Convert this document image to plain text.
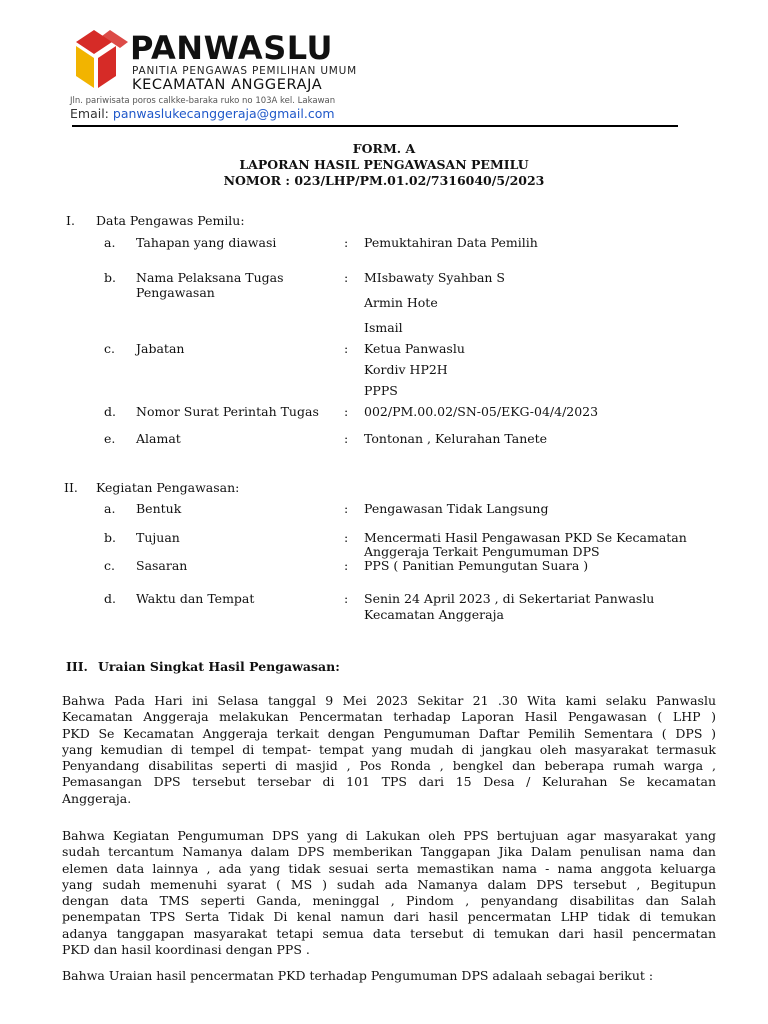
PANWASLU
PANITIA PENGAWAS PEMILIHAN UMUM
KECAMATAN ANGGERAJA
Jln. pariwisata poros calkke-baraka ruko no 103A kel. Lakawan
Email: panwaslukecanggeraja@gmail.com
FORM. A
LAPORAN HASIL PENGAWASAN PEMILU
NOMOR : 023/LHP/PM.01.02/7316040/5/2023
I. Data Pengawas Pemilu:
a. Tahapan yang diawasi	: Pemuktahiran Data Pemilih
b. Nama Pelaksana Tugas
Pengawasan
: MIsbawaty Syahban S
Armin Hote
Ismail
c. Jabatan	: Ketua Panwaslu
Kordiv HP2H
PPPS
d. Nomor Surat Perintah Tugas : 002/PM.00.02/SN-05/EKG-04/4/2023
e. Alamat	: Tontonan , Kelurahan Tanete
II. Kegiatan Pengawasan:
a. Bentuk	: Pengawasan Tidak Langsung
b. Tujuan	: Mencermati Hasil Pengawasan PKD Se Kecamatan
Anggeraja Terkait Pengumuman DPS
c. Sasaran	: PPS ( Panitian Pemungutan Suara )
d. Waktu dan Tempat	: Senin 24 April 2023 , di Sekertariat Panwaslu
Kecamatan Anggeraja
III. Uraian Singkat Hasil Pengawasan:
Bahwa Pada Hari ini Selasa tanggal 9 Mei 2023 Sekitar 21 .30 Wita kami selaku Panwaslu
Kecamatan Anggeraja melakukan Pencermatan terhadap Laporan Hasil Pengawasan ( LHP )
PKD Se Kecamatan Anggeraja terkait dengan Pengumuman Daftar Pemilih Sementara ( DPS )
yang kemudian di tempel di tempat- tempat yang mudah di jangkau oleh masyarakat termasuk
Penyandang disabilitas seperti di masjid , Pos Ronda , bengkel dan beberapa rumah warga ,
Pemasangan DPS tersebut tersebar di 101 TPS dari 15 Desa / Kelurahan Se kecamatan
Anggeraja.
Bahwa Kegiatan Pengumuman DPS yang di Lakukan oleh PPS bertujuan agar masyarakat yang
sudah tercantum Namanya dalam DPS memberikan Tanggapan Jika Dalam penulisan nama dan
elemen data lainnya , ada yang tidak sesuai serta memastikan nama - nama anggota keluarga
yang sudah memenuhi syarat ( MS ) sudah ada Namanya dalam DPS tersebut , Begitupun
dengan data TMS seperti Ganda, meninggal , Pindom , penyandang disabilitas dan Salah
penempatan TPS Serta Tidak Di kenal namun dari hasil pencermatan LHP tidak di temukan
adanya tanggapan masyarakat tetapi semua data tersebut di temukan dari hasil pencermatan
PKD dan hasil koordinasi dengan PPS .
Bahwa Uraian hasil pencermatan PKD terhadap Pengumuman DPS adalaah sebagai berikut :
